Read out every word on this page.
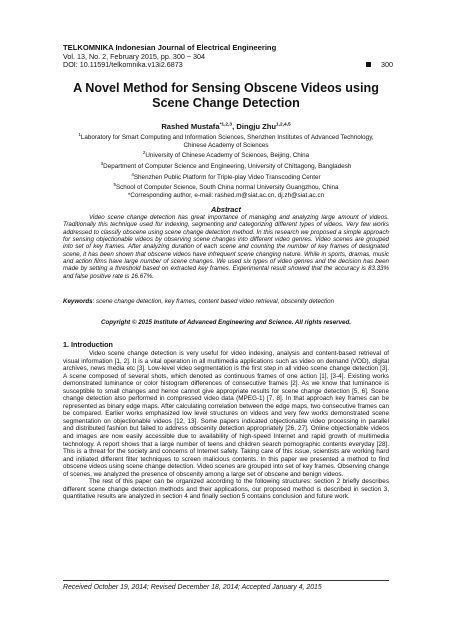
TELKOMNIKA Indonesian Journal of Electrical Engineering
Vol. 13, No. 2, February 2015, pp. 300 ~ 304
DOI: 10.11591/telkomnika.v13i2.6873	300
A Novel Method for Sensing Obscene Videos using
Scene Change Detection
Rashed Mustafa$^{*1,2,3}$, Dingju Zhu$^{1,2,4,5}$
$^1$Laboratory for Smart Computing and Information Sciences, Shenzhen Institutes of Advanced Technology,
Chinese Academy of Sciences
$^2$University of Chinese Academy of Sciences, Beijing, China
$^3$Department of Computer Science and Engineering, University of Chittagong, Bangladesh
$^4$Shenzhen Public Platform for Triple-play Video Transcoding Center
$^5$School of Computer Science, South China normal University Guangzhou, China
*Corresponding author, e-mail: rashed.m@siat.ac.cn, dj.zh@siat.ac.cn
Abstract
Video scene change detection has great importance of managing and analyzing large amount of videos. Traditionally this technique used for indexing, segmenting and categorizing different types of videos. Very few works addressed to classify obscene using scene change detection method. In this research we proposed a simple approach for sensing objectionable videos by observing scene changes into different video genres. Video scenes are grouped into set of key frames. After analyzing duration of each scene and counting the number of key frames of designated scene, it has been shown that obscene videos have infrequent scene changing nature. While in sports, dramas, music and action films have large number of scene changes. We used six types of video genres and the decision has been made by setting a threshold based on extracted key frames. Experimental result showed that the accuracy is 83.33% and false positive rate is 16.67%.
Keywords: scene change detection, key frames, content based video retrieval, obscenity detection
Copyright © 2015 Institute of Advanced Engineering and Science. All rights reserved.
1. Introduction

Video scene change detection is very useful for video indexing, analysis and content-based retrieval of visual information [1, 2]. It is a vital operation in all multimedia applications such as video on demand (VOD), digital archives, news media etc [3]. Low-level video segmentation is the first step in all video scene change detection [3]. A scene composed of several shots, which denoted as continuous frames of one action [1], [3-4]. Existing works demonstrated luminance or color histogram differences of consecutive frames [2]. As we know that luminance is susceptible to small changes and hence cannot give appropriate results for scene change detection [5, 6]. Scene change detection also performed in compressed video data (MPEG-1) [7, 8]. In that approach key frames can be represented as binary edge maps. After calculating correlation between the edge maps, two consecutive frames can be compared. Earlier works emphasized low level structures on videos and very few works demonstrated scene segmentation on objectionable videos [12, 13]. Some papers indicated objectionable video processing in parallel and distributed fashion but failed to address obscenity detection appropriately [26, 27]. Online objectionable videos and images are now easily accessible due to availability of high-speed Internet and rapid growth of multimedia technology. A report shows that a large number of teens and children search pornographic contents everyday [28]. This is a threat for the society and concerns of Internet safety. Taking care of this issue, scientists are working hard and initiated different filter techniques to screen malicious contents. In this paper we presented a method to find obscene videos using scene change detection. Video scenes are grouped into set of key frames. Observing change of scenes, we analyzed the presence of obscenity among a large set of obscene and benign videos.

The rest of this paper can be organized according to the following structures: section 2 briefly describes different scene change detection methods and their applications, our proposed method is described in section 3, quantitative results are analyzed in section 4 and finally section 5 contains conclusion and future work.

Received October 19, 2014; Revised December 18, 2014; Accepted January 4, 2015
